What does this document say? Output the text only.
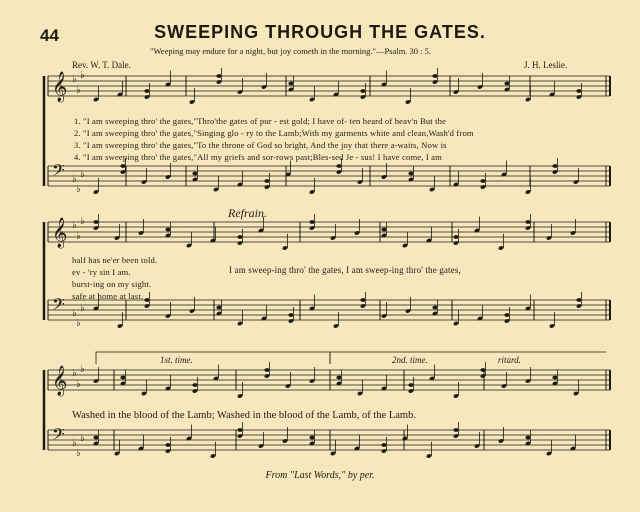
44	SWEEPING THROUGH THE GATES.
"Weeping may endure for a night, but joy cometh in the morning."—Psalm. 30 : 5.
Rev. W. T. Dale.	J. H. Leslie.
𝄞 ♭
♭
♭
𝄢 ♭
♭
♭
𝄞 ♭
♭
♭
𝄢 ♭
♭
♭
𝄞 ♭
♭
♭
𝄢 ♭
♭
♭
1. "I am sweeping thro' the gates,"Thro'the gates of pur - est gold; I have of- ten heard of heav'n But the
2. "I am sweeping thro' the gates,"Singing glo - ry to the Lamb;With my garments white and clean,Wash'd from
3. "I am sweeping thro' the gates,"To the throne of God so bright, And the joy that there a-waits, Now is
4. "I am sweeping thro' the gates,"All my griefs and sor-rows past;Bles-sed Je - sus! I have come, I am
Refrain.
half has ne'er been told.
ev - 'ry sin I am.
burst-ing on my sight.
safe at home at last.
I am sweep-ing thro' the gates, I am sweep-ing thro' the gates,
1st. time.	2nd. time.	ritard.
Washed in the blood of the Lamb; Washed in the blood of the Lamb, of the Lamb.
From "Last Words," by per.
